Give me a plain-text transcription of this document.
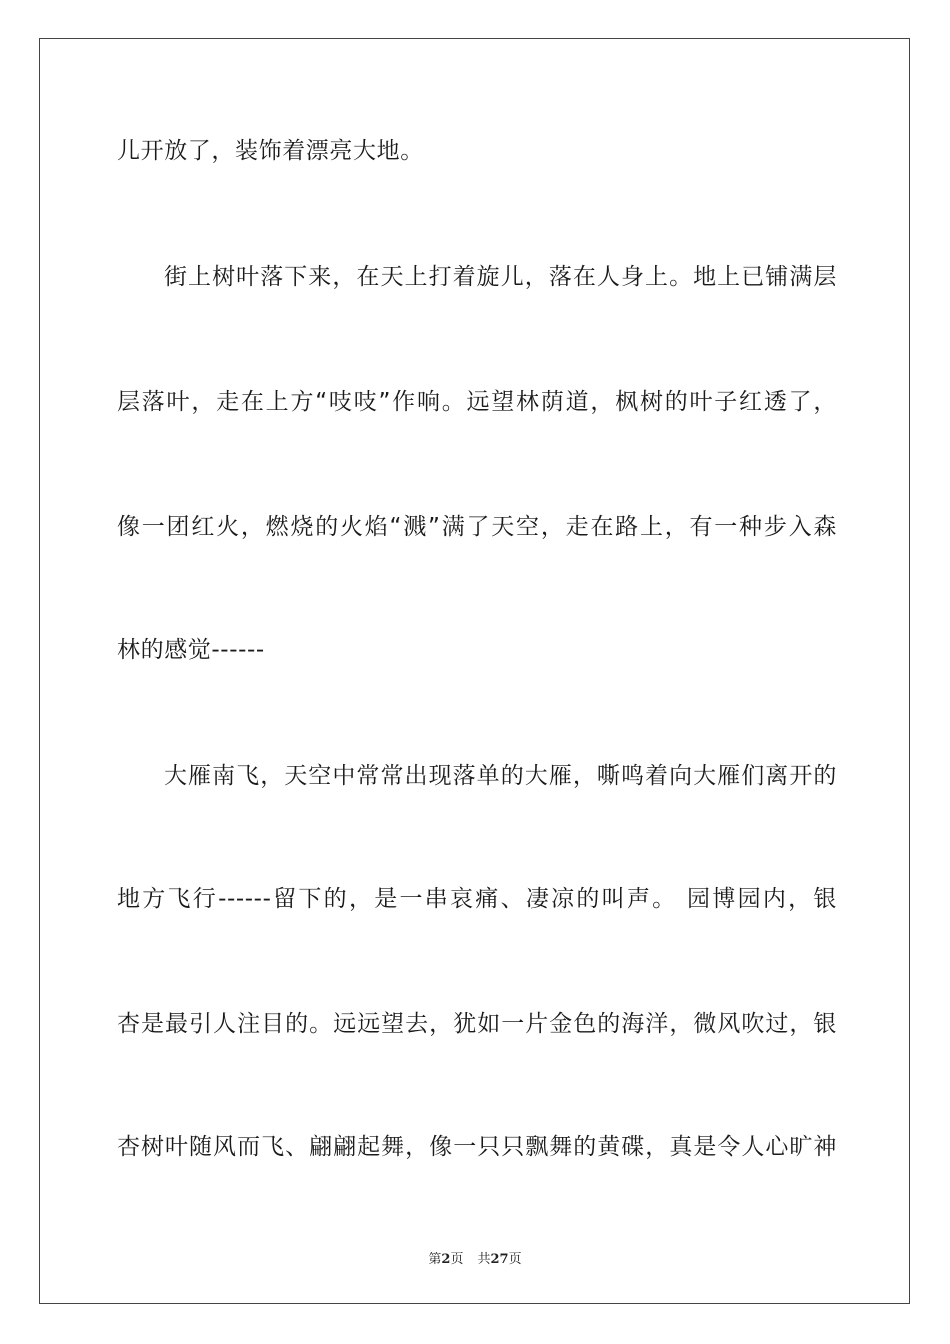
儿开放了，装饰着漂亮大地。
街上树叶落下来，在天上打着旋儿，落在人身上。地上已铺满层
层落叶，走在上方“吱吱”作响。远望林荫道，枫树的叶子红透了，
像一团红火，燃烧的火焰“溅”满了天空，走在路上，有一种步入森
林的感觉------
大雁南飞，天空中常常出现落单的大雁，嘶鸣着向大雁们离开的
地方飞行------留下的，是一串哀痛、凄凉的叫声。 园博园内，银
杏是最引人注目的。远远望去，犹如一片金色的海洋，微风吹过，银
杏树叶随风而飞、翩翩起舞，像一只只飘舞的黄碟，真是令人心旷神
第2页 共27页
